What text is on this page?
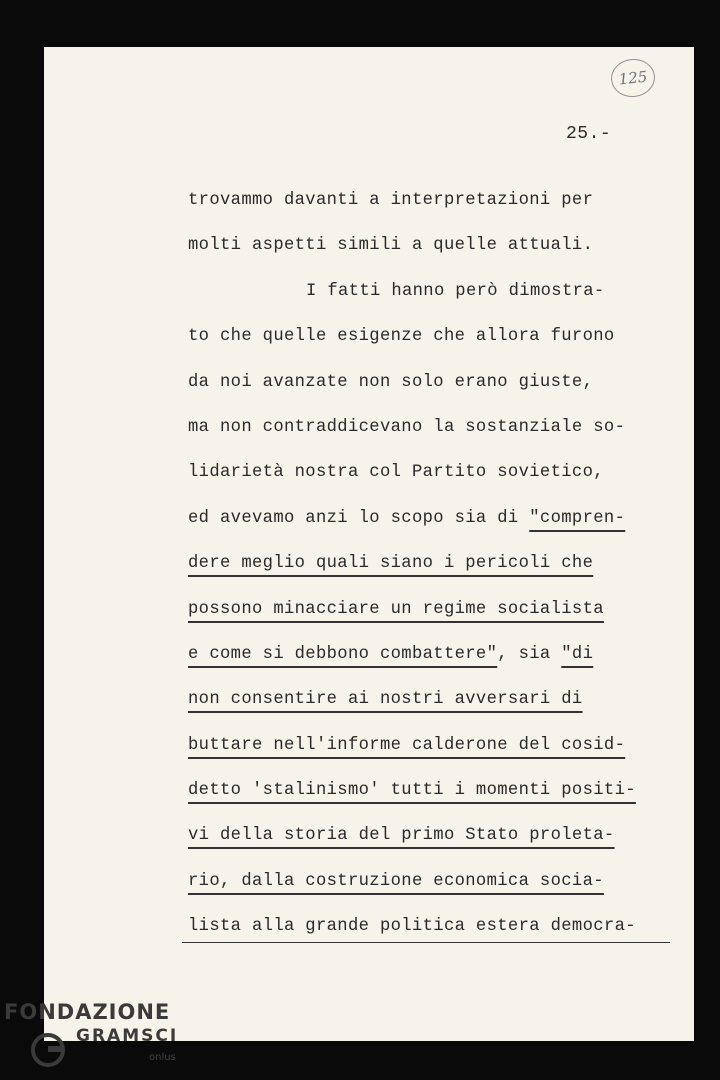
125
25.-
trovammo davanti a interpretazioni per
molti aspetti simili a quelle attuali.
I fatti hanno però dimostra-
to che quelle esigenze che allora furono
da noi avanzate non solo erano giuste,
ma non contraddicevano la sostanziale so-
lidarietà nostra col Partito sovietico,
ed avevamo anzi lo scopo sia di "compren-
dere meglio quali siano i pericoli che
possono minacciare un regime socialista
e come si debbono combattere", sia "di
non consentire ai nostri avversari di
buttare nell'informe calderone del cosid-
detto 'stalinismo' tutti i momenti positi-
vi della storia del primo Stato proleta-
rio, dalla costruzione economica socia-
lista alla grande politica estera democra-
FONDAZIONE
GRAMSCI
onlus
